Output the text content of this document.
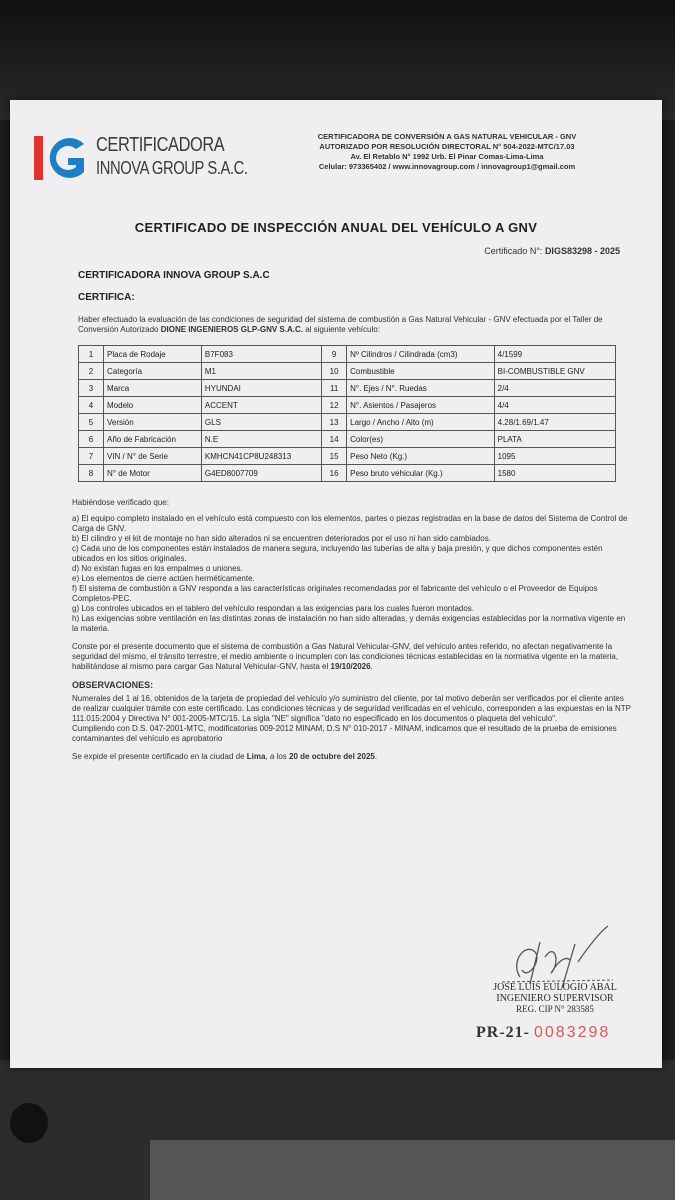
CERTIFICADORA
INNOVA GROUP S.A.C.
CERTIFICADORA DE CONVERSIÓN A GAS NATURAL VEHICULAR - GNV
AUTORIZADO POR RESOLUCIÓN DIRECTORAL N° 504-2022-MTC/17.03
Av. El Retablo N° 1992 Urb. El Pinar Comas-Lima-Lima
Celular: 973365402 / www.innovagroup.com / innovagroup1@gmail.com
CERTIFICADO DE INSPECCIÓN ANUAL DEL VEHÍCULO A GNV
Certificado N°: DIGS83298 - 2025
CERTIFICADORA INNOVA GROUP S.A.C
CERTIFICA:
Haber efectuado la evaluación de las condiciones de seguridad del sistema de combustión a Gas Natural Vehicular - GNV efectuada por el Taller de Conversión Autorizado DIONE INGENIEROS GLP-GNV S.A.C. al siguiente vehículo:
1	Placa de Rodaje	B7F083	9	Nº Cilindros / Cilindrada (cm3)	4/1599
2	Categoría	M1	10	Combustible	BI-COMBUSTIBLE GNV
3	Marca	HYUNDAI	11	N°. Ejes / N°. Ruedas	2/4
4	Modelo	ACCENT	12	N°. Asientos / Pasajeros	4/4
5	Versión	GLS	13	Largo / Ancho / Alto (m)	4.28/1.69/1.47
6	Año de Fabricación	N.E	14	Color(es)	PLATA
7	VIN / N° de Serie	KMHCN41CP8U248313	15	Peso Neto (Kg.)	1095
8	N° de Motor	G4ED8007709	16	Peso bruto vehicular (Kg.)	1580

Habiéndose verificado que:

a) El equipo completo instalado en el vehículo está compuesto con los elementos, partes o piezas registradas en la base de datos del Sistema de Control de Carga de GNV.

b) El cilindro y el kit de montaje no han sido alterados ni se encuentren deteriorados por el uso ni han sido cambiados.

c) Cada uno de los componentes están instalados de manera segura, incluyendo las tuberías de alta y baja presión, y que dichos componentes estén ubicados en los sitios originales.

d) No existan fugas en los empalmes o uniones.

e) Los elementos de cierre actúen herméticamente.

f) El sistema de combustión a GNV responda a las características originales recomendadas por el fabricante del vehículo o el Proveedor de Equipos Completos-PEC.

g) Los controles ubicados en el tablero del vehículo respondan a las exigencias para los cuales fueron montados.

h) Las exigencias sobre ventilación en las distintas zonas de instalación no han sido alteradas, y demás exigencias establecidas por la normativa vigente en la materia.

Conste por el presente documento que el sistema de combustión a Gas Natural Vehicular-GNV, del vehículo antes referido, no afectan negativamente la seguridad del mismo, el tránsito terrestre, el medio ambiente o incumplen con las condiciones técnicas establecidas en la normativa vigente en la materia, habilitándose al mismo para cargar Gas Natural Vehicular-GNV, hasta el 19/10/2026.

OBSERVACIONES:

Numerales del 1 al 16, obtenidos de la tarjeta de propiedad del vehículo y/o suministro del cliente, por tal motivo deberán ser verificados por el cliente antes de realizar cualquier trámite con este certificado. Las condiciones técnicas y de seguridad verificadas en el vehículo, corresponden a las expuestas en la NTP 111.015:2004 y Directiva N° 001-2005-MTC/15. La sigla "NE" significa "dato no especificado en los documentos o plaqueta del vehículo".

Cumpliendo con D.S. 047-2001-MTC, modificatorias 009-2012 MINAM, D.S N° 010-2017 - MINAM, indicamos que el resultado de la prueba de emisiones contaminantes del vehículo es aprobatorio

Se expide el presente certificado en la ciudad de Lima, a los 20 de octubre del 2025.

JOSE LUIS EULOGIO ABAL
INGENIERO SUPERVISOR
REG. CIP N° 283585
PR-21- 0083298
